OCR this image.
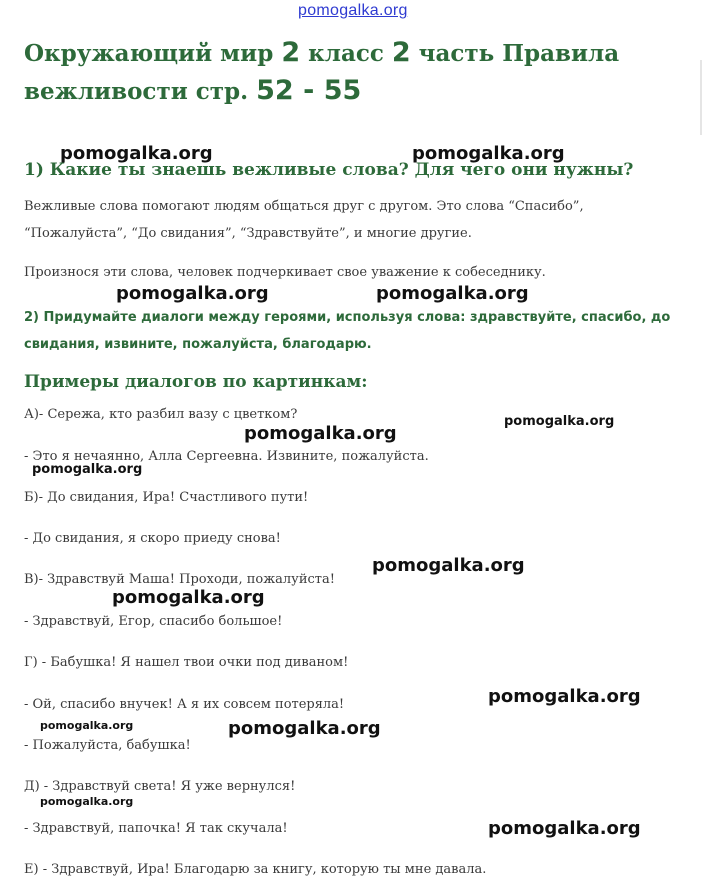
pomogalka.org
Окружающий мир 2 класс 2 часть Правила вежливости стр. 52 - 55
1) Какие ты знаешь вежливые слова? Для чего они нужны?

Вежливые слова помогают людям общаться друг с другом. Это слова “Спасибо”, “Пожалуйста”, “До свидания”, “Здравствуйте”, и многие другие.

Произнося эти слова, человек подчеркивает свое уважение к собеседнику.

2) Придумайте диалоги между героями, используя слова: здравствуйте, спасибо, до свидания, извините, пожалуйста, благодарю.
Примеры диалогов по картинкам:

А)- Сережа, кто разбил вазу с цветком?

- Это я нечаянно, Алла Сергеевна. Извините, пожалуйста.

Б)- До свидания, Ира! Счастливого пути!

- До свидания, я скоро приеду снова!

В)- Здравствуй Маша! Проходи, пожалуйста!

- Здравствуй, Егор, спасибо большое!

Г) - Бабушка! Я нашел твои очки под диваном!

- Ой, спасибо внучек! А я их совсем потеряла!

- Пожалуйста, бабушка!

Д) - Здравствуй света! Я уже вернулся!

- Здравствуй, папочка! Я так скучала!

Е) - Здравствуй, Ира! Благодарю за книгу, которую ты мне давала.

pomogalka.org	pomogalka.org
pomogalka.org	pomogalka.org
pomogalka.org
pomogalka.org
pomogalka.org
pomogalka.org
pomogalka.org
pomogalka.org
pomogalka.org	pomogalka.org
pomogalka.org
pomogalka.org
